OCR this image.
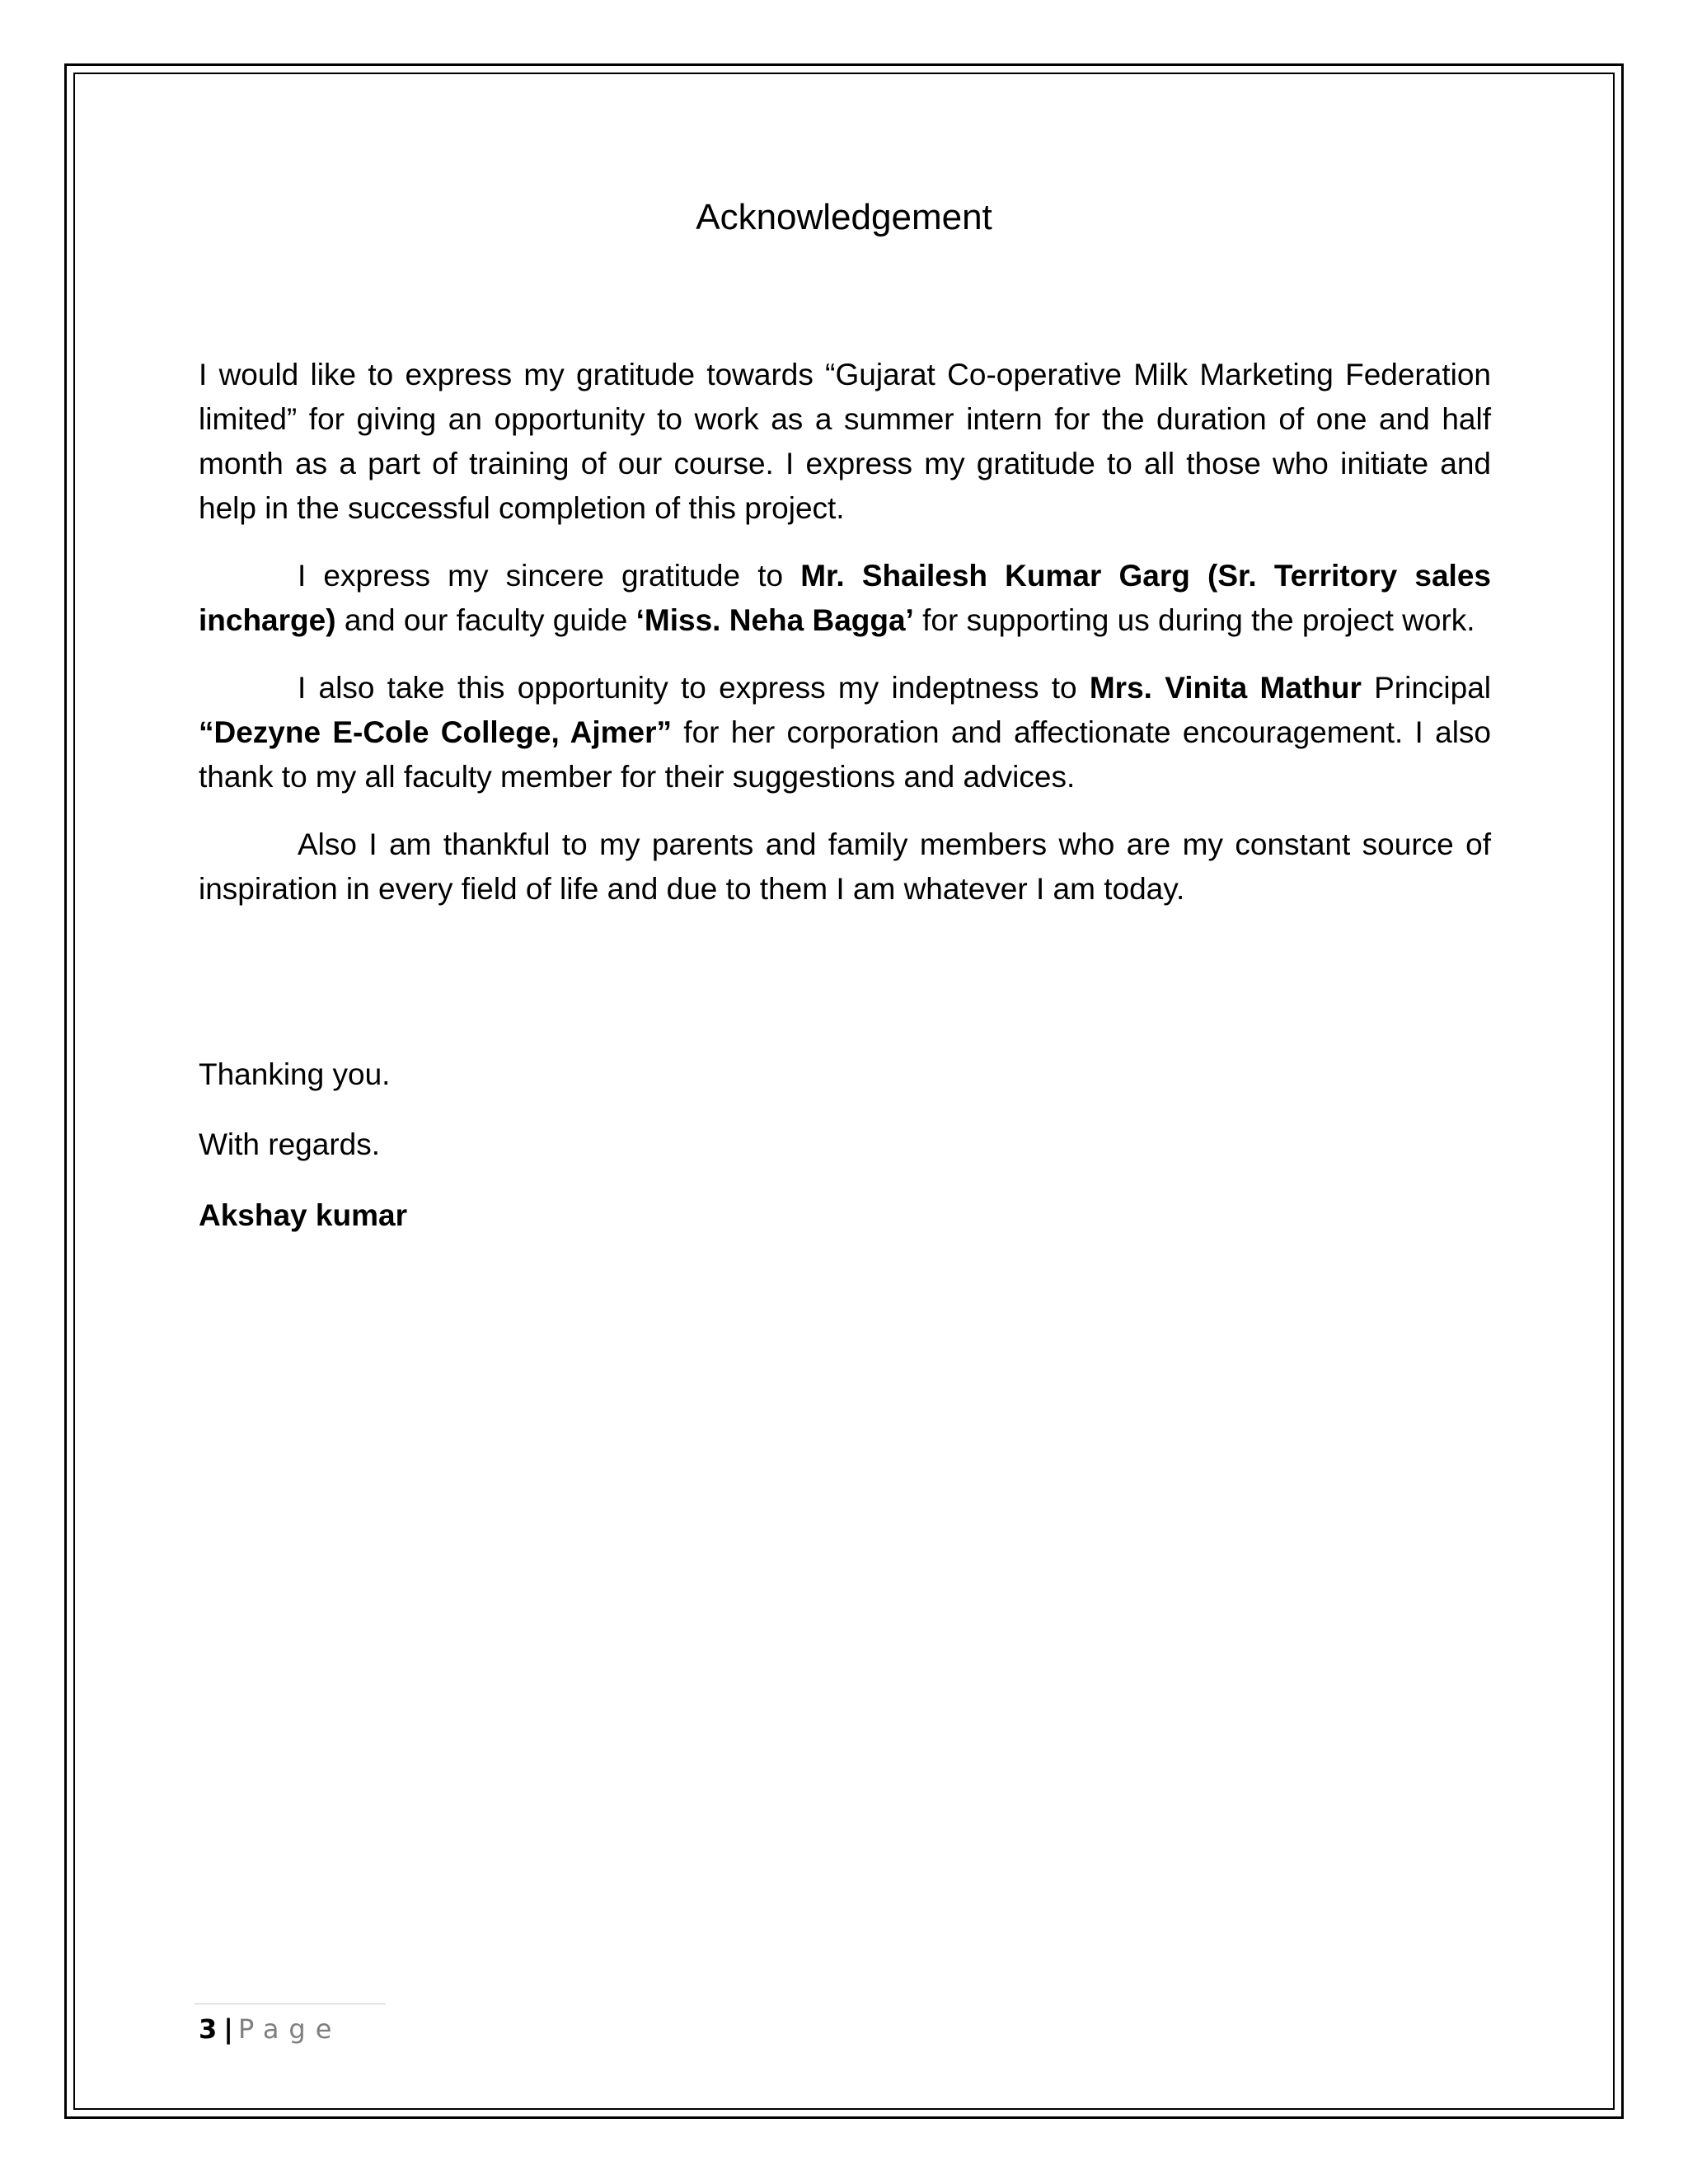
Acknowledgement

I would like to express my gratitude towards “Gujarat Co-operative Milk Marketing Federation limited” for giving an opportunity to work as a summer intern for the duration of one and half month as a part of training of our course. I express my gratitude to all those who initiate and help in the successful completion of this project.

I express my sincere gratitude to Mr. Shailesh Kumar Garg (Sr. Territory sales incharge) and our faculty guide ‘Miss. Neha Bagga’ for supporting us during the project work.

I also take this opportunity to express my indeptness to Mrs. Vinita Mathur Principal “Dezyne E-Cole College, Ajmer” for her corporation and affectionate encouragement. I also thank to my all faculty member for their suggestions and advices.

Also I am thankful to my parents and family members who are my constant source of inspiration in every field of life and due to them I am whatever I am today.

Thanking you.
With regards.
Akshay kumar
3 | Page
